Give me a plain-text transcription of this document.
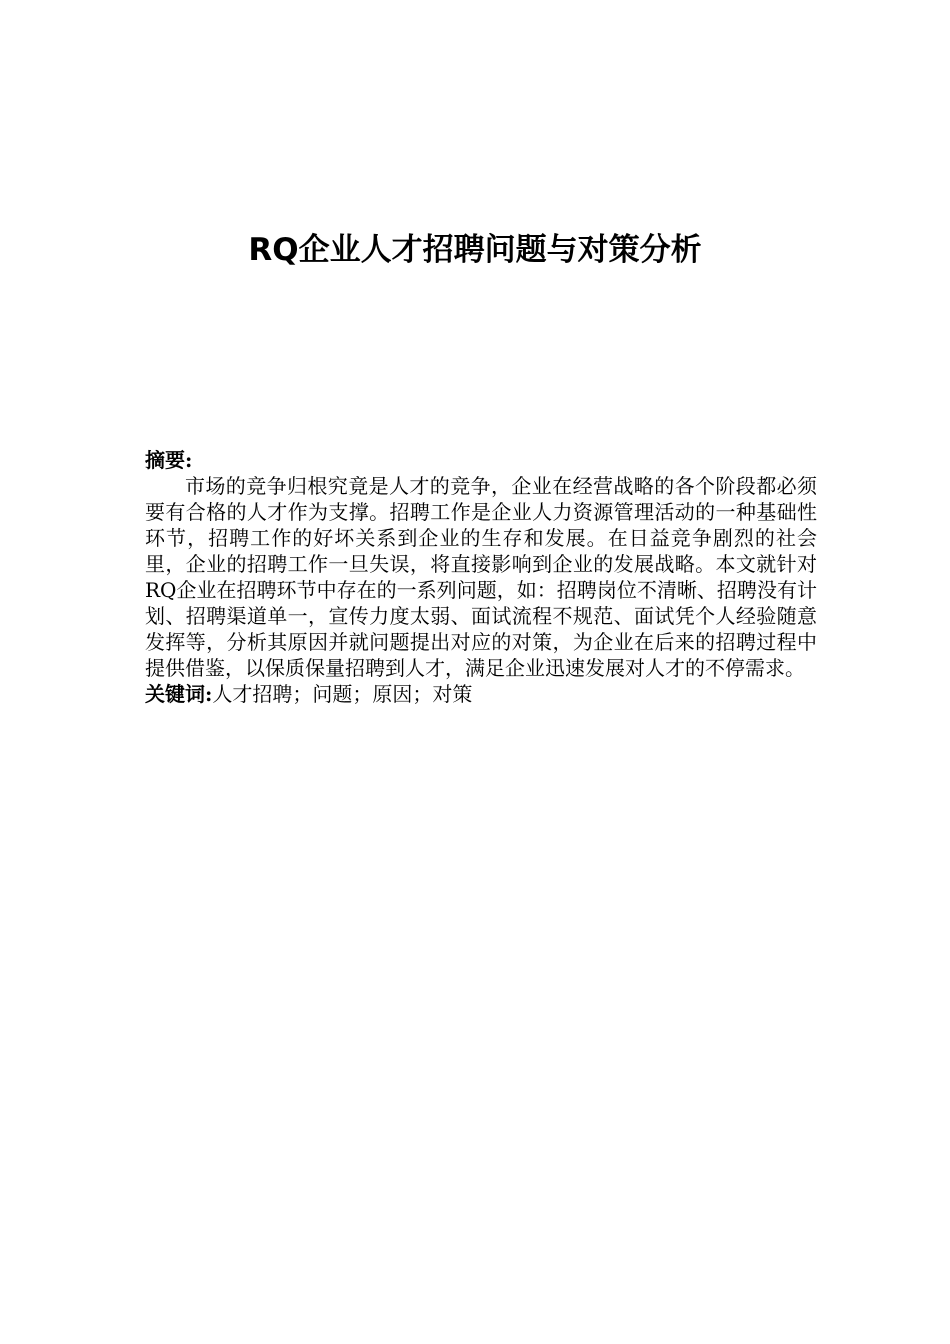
RQ企业人才招聘问题与对策分析

摘要:

市场的竞争归根究竟是人才的竞争，企业在经营战略的各个阶段都必须要有合格的人才作为支撑。招聘工作是企业人力资源管理活动的一种基础性环节，招聘工作的好坏关系到企业的生存和发展。在日益竞争剧烈的社会里，企业的招聘工作一旦失误，将直接影响到企业的发展战略。本文就针对RQ企业在招聘环节中存在的一系列问题，如：招聘岗位不清晰、招聘没有计划、招聘渠道单一，宣传力度太弱、面试流程不规范、面试凭个人经验随意发挥等，分析其原因并就问题提出对应的对策，为企业在后来的招聘过程中提供借鉴，以保质保量招聘到人才，满足企业迅速发展对人才的不停需求。

关键词:人才招聘；问题；原因；对策
